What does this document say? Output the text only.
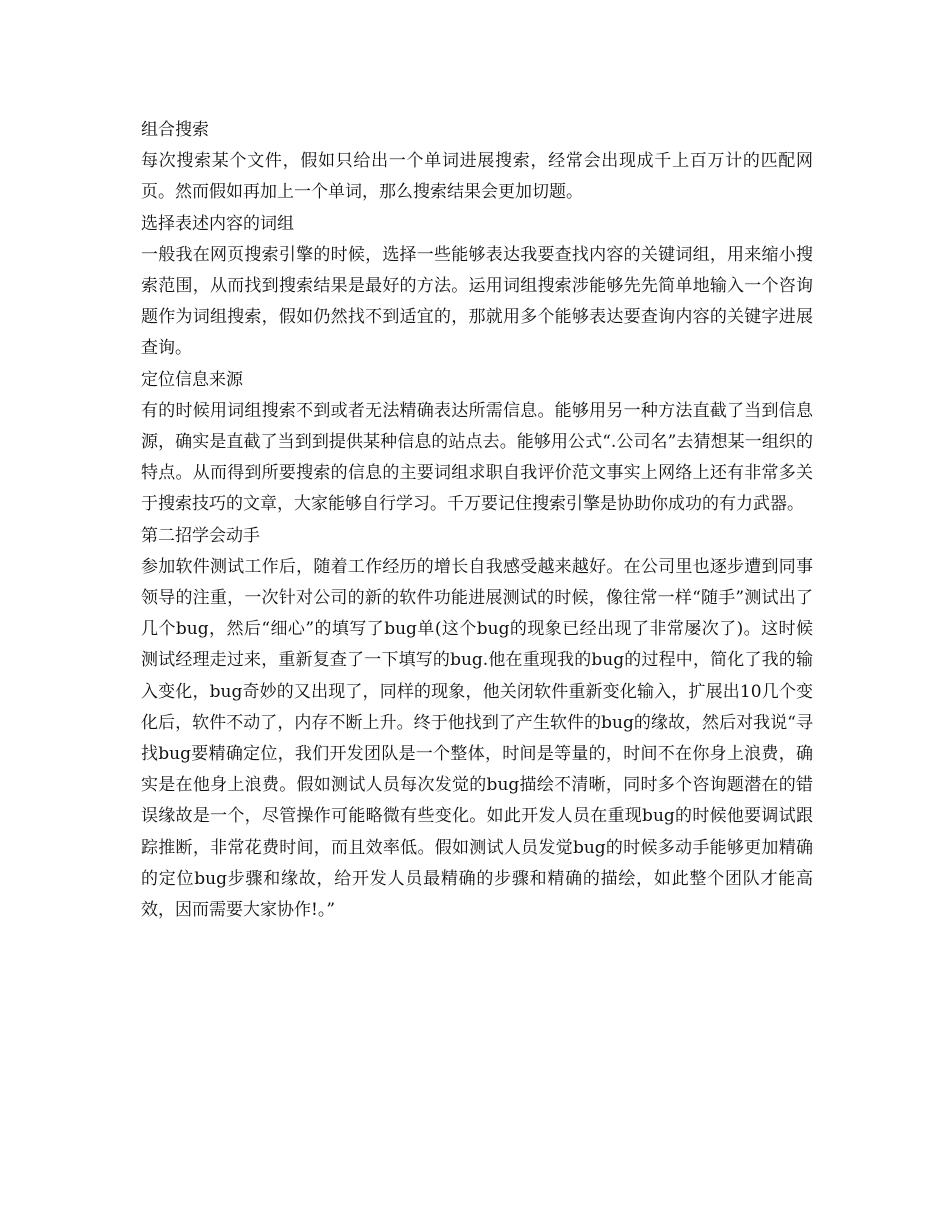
组合搜索

每次搜索某个文件，假如只给出一个单词进展搜索，经常会出现成千上百万计的匹配网页。然而假如再加上一个单词，那么搜索结果会更加切题。

选择表述内容的词组

一般我在网页搜索引擎的时候，选择一些能够表达我要查找内容的关键词组，用来缩小搜索范围，从而找到搜索结果是最好的方法。运用词组搜索涉能够先先简单地输入一个咨询题作为词组搜索，假如仍然找不到适宜的，那就用多个能够表达要查询内容的关键字进展查询。

定位信息来源

有的时候用词组搜索不到或者无法精确表达所需信息。能够用另一种方法直截了当到信息源，确实是直截了当到到提供某种信息的站点去。能够用公式“.公司名”去猜想某一组织的特点。从而得到所要搜索的信息的主要词组求职自我评价范文事实上网络上还有非常多关于搜索技巧的文章，大家能够自行学习。千万要记住搜索引擎是协助你成功的有力武器。

第二招学会动手

参加软件测试工作后，随着工作经历的增长自我感受越来越好。在公司里也逐步遭到同事领导的注重，一次针对公司的新的软件功能进展测试的时候，像往常一样“随手”测试出了几个bug，然后“细心”的填写了bug单(这个bug的现象已经出现了非常屡次了)。这时候测试经理走过来，重新复查了一下填写的bug.他在重现我的bug的过程中，简化了我的输入变化，bug奇妙的又出现了，同样的现象，他关闭软件重新变化输入，扩展出10几个变化后，软件不动了，内存不断上升。终于他找到了产生软件的bug的缘故，然后对我说“寻找bug要精确定位，我们开发团队是一个整体，时间是等量的，时间不在你身上浪费，确实是在他身上浪费。假如测试人员每次发觉的bug描绘不清晰，同时多个咨询题潜在的错误缘故是一个，尽管操作可能略微有些变化。如此开发人员在重现bug的时候他要调试跟踪推断，非常花费时间，而且效率低。假如测试人员发觉bug的时候多动手能够更加精确的定位bug步骤和缘故，给开发人员最精确的步骤和精确的描绘，如此整个团队才能高效，因而需要大家协作!。”
